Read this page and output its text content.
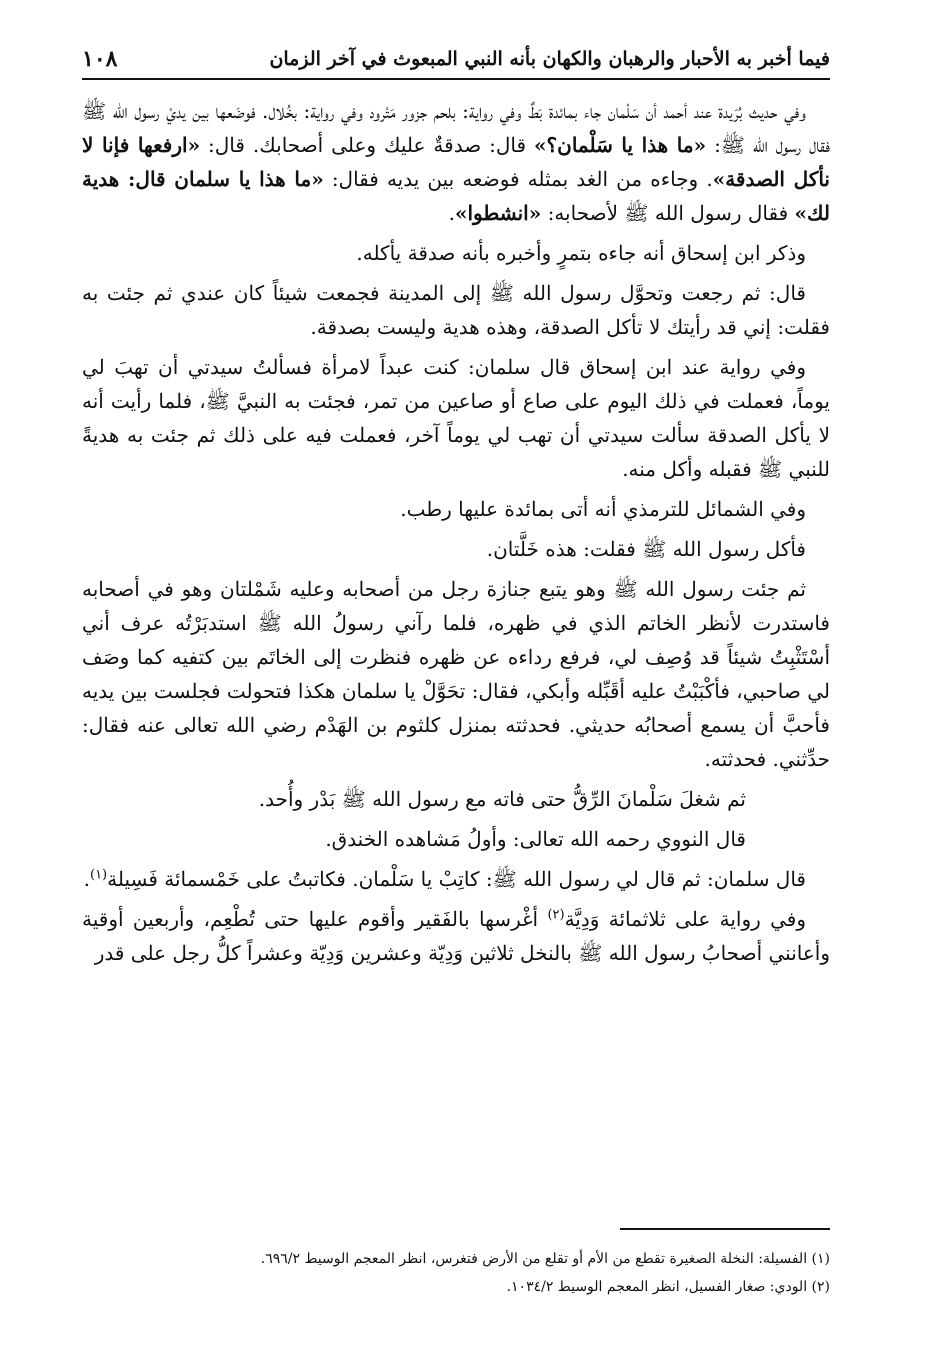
فيما أخبر به الأحبار والرهبان والكهان بأنه النبي المبعوث في آخر الزمان
١٠٨

وفي حديث بُرَيدة عند أحمد أن سَلْمان جاء بمائدة بَطٌ وفي رواية: بلحم جزور مَتْرود وفي رواية: بخُلال. فوضَعها بين يديْ رسول الله ﷺ فقال رسول الله ﷺ: «ما هذا يا سَلْمان؟» قال: صدقةٌ عليك وعلى أصحابك. قال: «ارفعها فإنا لا نأكل الصدقة». وجاءه من الغد بمثله فوضعه بين يديه فقال: «ما هذا يا سلمان قال: هدية لك» فقال رسول الله ﷺ لأصحابه: «انشطوا».

وذكر ابن إسحاق أنه جاءه بتمرٍ وأخبره بأنه صدقة يأكله.

قال: ثم رجعت وتحوَّل رسول الله ﷺ إلى المدينة فجمعت شيئاً كان عندي ثم جئت به فقلت: إني قد رأيتك لا تأكل الصدقة، وهذه هدية وليست بصدقة.

وفي رواية عند ابن إسحاق قال سلمان: كنت عبداً لامرأة فسألتُ سيدتي أن تهبَ لي يوماً، فعملت في ذلك اليوم على صاع أو صاعين من تمر، فجئت به النبيَّ ﷺ، فلما رأيت أنه لا يأكل الصدقة سألت سيدتي أن تهب لي يوماً آخر، فعملت فيه على ذلك ثم جئت به هديةً للنبي ﷺ فقبله وأكل منه.

وفي الشمائل للترمذي أنه أتى بمائدة عليها رطب.

فأكل رسول الله ﷺ فقلت: هذه خَلَّتان.

ثم جئت رسول الله ﷺ وهو يتبع جنازة رجل من أصحابه وعليه شَمْلتان وهو في أصحابه فاستدرت لأنظر الخاتم الذي في ظهره، فلما رآني رسولُ الله ﷺ استدبَرْتُه عرف أني أسْتَثْبِتُ شيئاً قد وُصِف لي، فرفع رداءه عن ظهره فنظرت إلى الخاتَم بين كتفيه كما وصَف لي صاحبي، فأكْبَبْتُ عليه أقَبِّله وأبكي، فقال: تحَوَّلْ يا سلمان هكذا فتحولت فجلست بين يديه فأحبَّ أن يسمع أصحابُه حديثي. فحدثته بمنزل كلثوم بن الهَدْم رضي الله تعالى عنه فقال: حدِّثني. فحدثته.

ثم شغلَ سَلْمانَ الرِّقُّ حتى فاته مع رسول الله ﷺ بَدْر وأُحد.

قال النووي رحمه الله تعالى: وأولُ مَشاهده الخندق.

قال سلمان: ثم قال لي رسول الله ﷺ: كاتِبْ يا سَلْمان. فكاتبتُ على خَمْسمائة فَسِيلة$^{(١)}$.

وفي رواية على ثلاثمائة وَدِيَّة$^{(٢)}$ أغْرسها بالفَقير وأقوم عليها حتى تُطْعِم، وأربعين أوقية وأعانني أصحابُ رسول الله ﷺ بالنخل ثلاثين وَدِيّة وعشرين وَدِيّة وعشراً كلُّ رجل على قدر

(١) الفسيلة: النخلة الصغيرة تقطع من الأم أو تقلع من الأرض فتغرس، انظر المعجم الوسيط ٦٩٦/٢.

(٢) الودي: صغار الفسيل، انظر المعجم الوسيط ١٠٣٤/٢.
